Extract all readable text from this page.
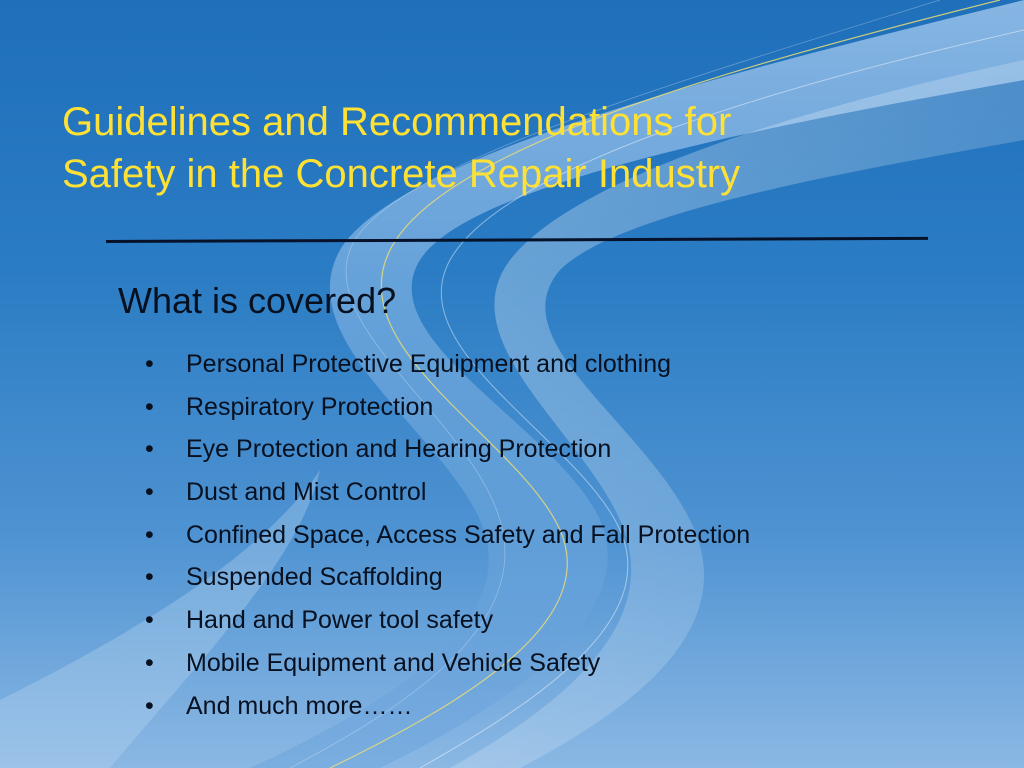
Guidelines and Recommendations for
Safety in the Concrete Repair Industry
What is covered?
• Personal Protective Equipment and clothing
• Respiratory Protection
• Eye Protection and Hearing Protection
• Dust and Mist Control
• Confined Space, Access Safety and Fall Protection
• Suspended Scaffolding
• Hand and Power tool safety
• Mobile Equipment and Vehicle Safety
• And much more……
